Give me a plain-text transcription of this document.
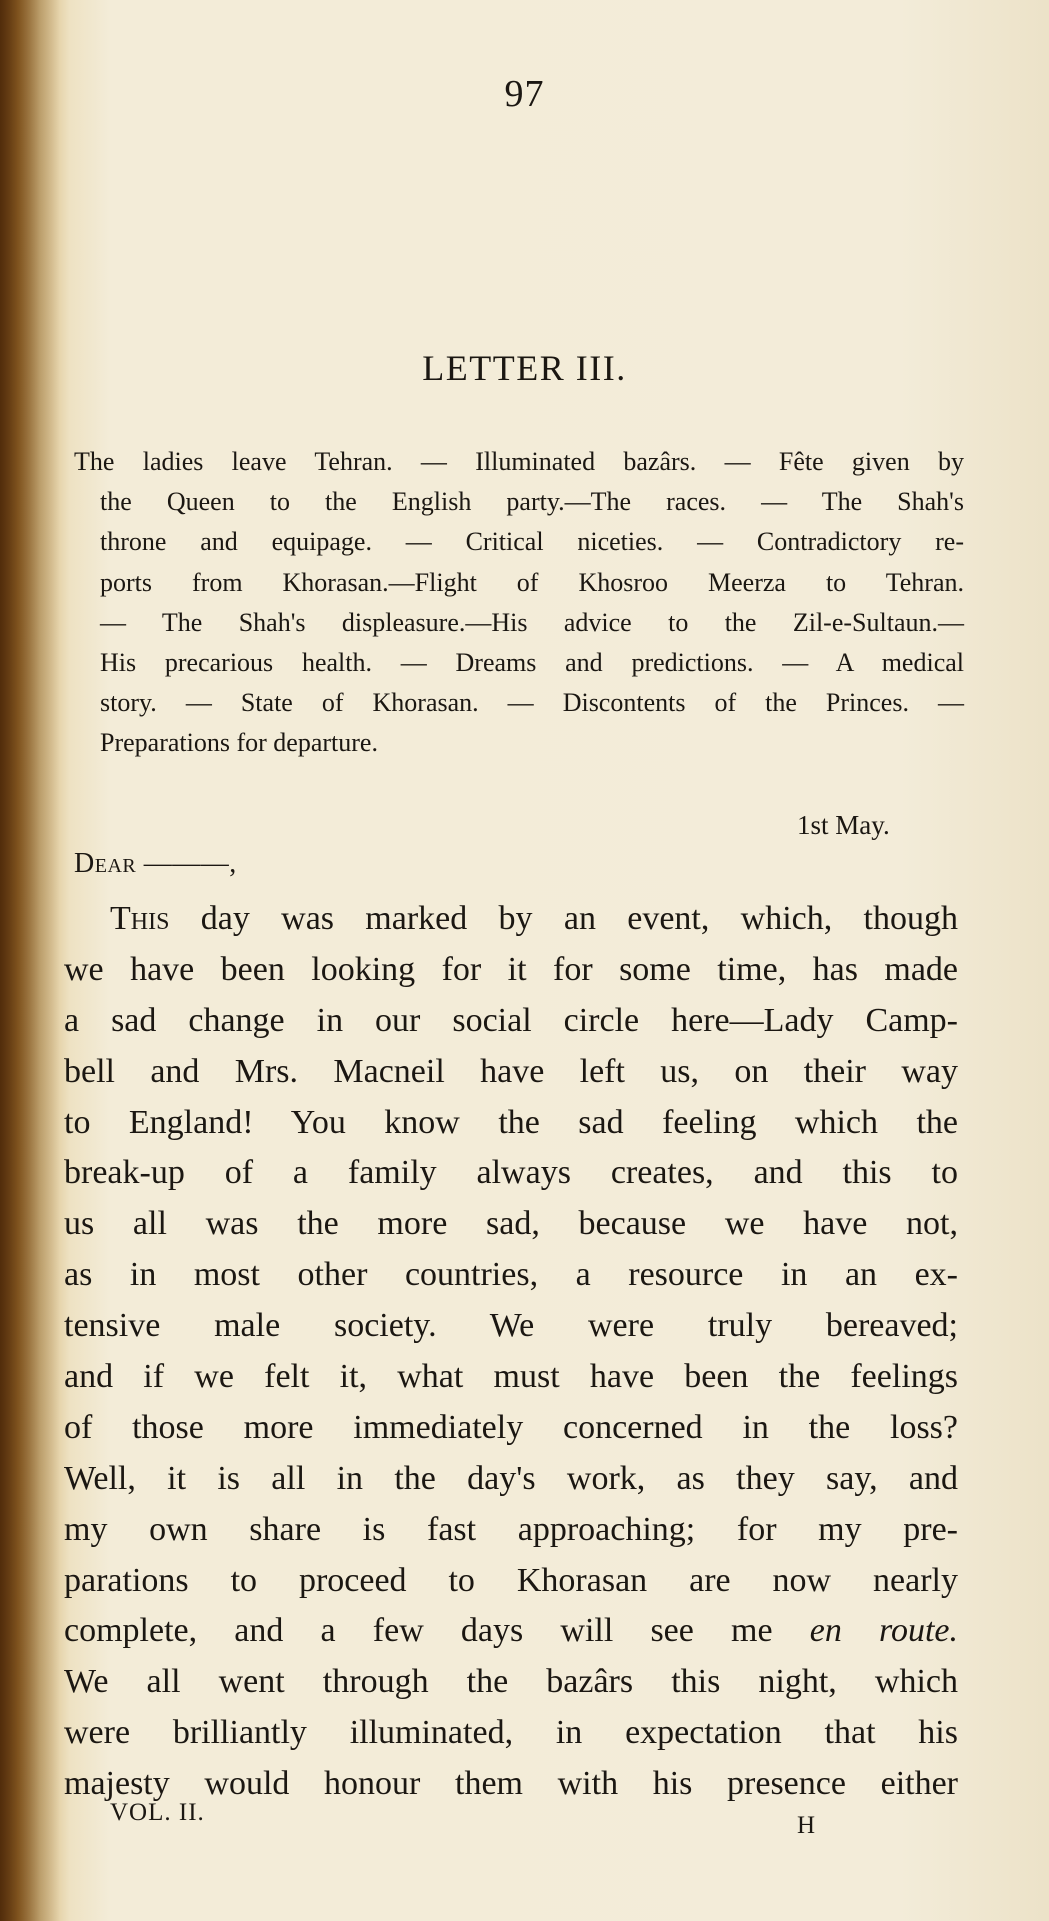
97
LETTER III.
The ladies leave Tehran. — Illuminated bazârs. — Fête given by
the Queen to the English party.—The races. — The Shah's
throne and equipage. — Critical niceties. — Contradictory re-
ports from Khorasan.—Flight of Khosroo Meerza to Tehran.
— The Shah's displeasure.—His advice to the Zil-e-Sultaun.—
His precarious health. — Dreams and predictions. — A medical
story. — State of Khorasan. — Discontents of the Princes. —
Preparations for departure.
1st May.
Dear ———,
This day was marked by an event, which, though
we have been looking for it for some time, has made
a sad change in our social circle here—Lady Camp-
bell and Mrs. Macneil have left us, on their way
to England! You know the sad feeling which the
break-up of a family always creates, and this to
us all was the more sad, because we have not,
as in most other countries, a resource in an ex-
tensive male society. We were truly bereaved;
and if we felt it, what must have been the feelings
of those more immediately concerned in the loss?
Well, it is all in the day's work, as they say, and
my own share is fast approaching; for my pre-
parations to proceed to Khorasan are now nearly
complete, and a few days will see me en route.
We all went through the bazârs this night, which
were brilliantly illuminated, in expectation that his
majesty would honour them with his presence either
VOL. II.	H
